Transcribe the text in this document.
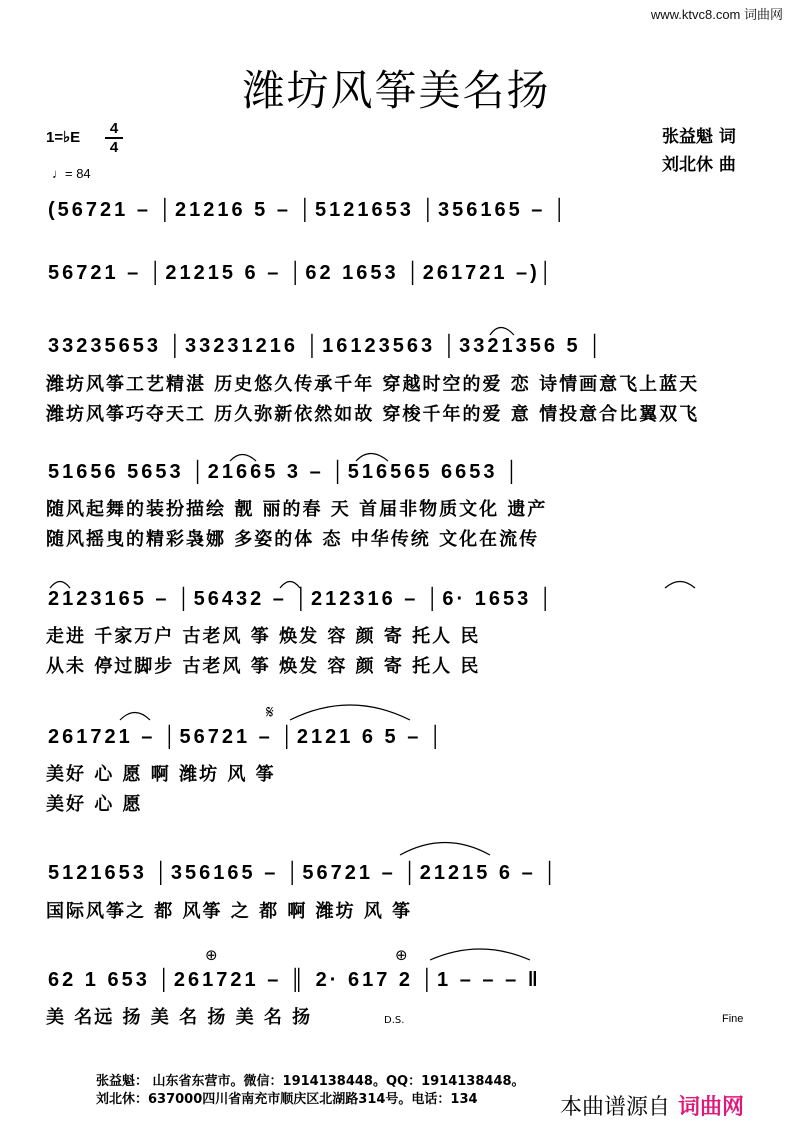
www.ktvc8.com 词曲网
潍坊风筝美名扬
1=♭E
4
4
♩= 84
张益魁 词
刘北休 曲
(56721 – │21216 5 – │5121653 │356165 – │
56721 – │21215 6 – │62 1653 │261721 –)│
33235653 │33231216 │16123563 │3321356 5 │
51656 5653 │21665 3 – │516565 6653 │
2123165 – │56432 – │212316 – │6· 1653 │
261721 – │56721 – │2121 6 5 – │
5121653 │356165 – │56721 – │21215 6 – │
62 1 653 │261721 – ║ 2· 617 2 │1 – – – ‖
潍坊风筝工艺精湛 历史悠久传承千年 穿越时空的爱 恋 诗情画意飞上蓝天
潍坊风筝巧夺天工 历久弥新依然如故 穿梭千年的爱 意 情投意合比翼双飞
随风起舞的装扮描绘 靓 丽的春 天 首届非物质文化 遗产
随风摇曳的精彩袅娜 多姿的体 态 中华传统 文化在流传
走进 千家万户 古老风 筝 焕发 容 颜 寄 托人 民
从未 停过脚步 古老风 筝 焕发 容 颜 寄 托人 民
美好 心 愿 啊 潍坊 风 筝
美好 心 愿
国际风筝之 都 风筝 之 都 啊 潍坊 风 筝
美 名远 扬 美 名 扬 美 名 扬
𝄋
⊕	⊕
D.S.	Fine
张益魁： 山东省东营市。微信：1914138448。QQ：1914138448。
刘北休：637000四川省南充市顺庆区北湖路314号。电话：134	本曲谱源自 词曲网
